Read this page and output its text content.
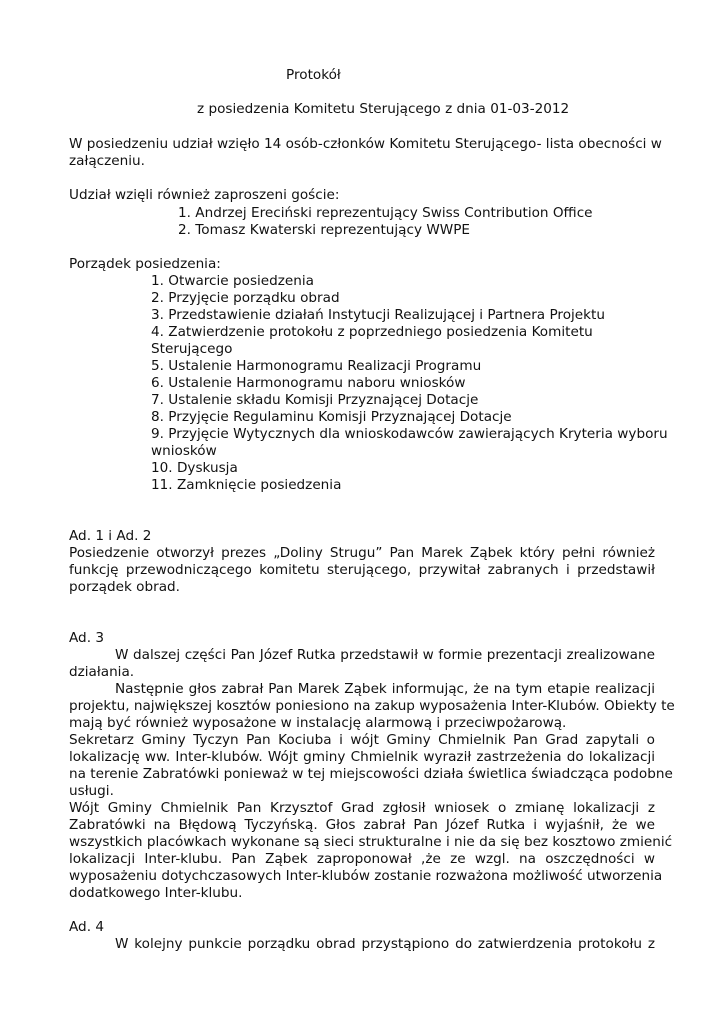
Protokół
z posiedzenia Komitetu Sterującego z dnia 01-03-2012
W posiedzeniu udział wzięło 14 osób-członków Komitetu Sterującego- lista obecności w
załączeniu.
Udział wzięli również zaproszeni goście:
1. Andrzej Ereciński reprezentujący Swiss Contribution Office
2. Tomasz Kwaterski reprezentujący WWPE
Porządek posiedzenia:
1. Otwarcie posiedzenia
2. Przyjęcie porządku obrad
3. Przedstawienie działań Instytucji Realizującej i Partnera Projektu
4. Zatwierdzenie protokołu z poprzedniego posiedzenia Komitetu
Sterującego
5. Ustalenie Harmonogramu Realizacji Programu
6. Ustalenie Harmonogramu naboru wniosków
7. Ustalenie składu Komisji Przyznającej Dotacje
8. Przyjęcie Regulaminu Komisji Przyznającej Dotacje
9. Przyjęcie Wytycznych dla wnioskodawców zawierających Kryteria wyboru
wniosków
10. Dyskusja
11. Zamknięcie posiedzenia
Ad. 1 i Ad. 2
Posiedzenie otworzył prezes „Doliny Strugu” Pan Marek Ząbek który pełni również
funkcję przewodniczącego komitetu sterującego, przywitał zabranych i przedstawił
porządek obrad.
Ad. 3
W dalszej części Pan Józef Rutka przedstawił w formie prezentacji zrealizowane
działania.
Następnie głos zabrał Pan Marek Ząbek informując, że na tym etapie realizacji
projektu, największej kosztów poniesiono na zakup wyposażenia Inter-Klubów. Obiekty te
mają być również wyposażone w instalację alarmową i przeciwpożarową.
Sekretarz Gminy Tyczyn Pan Kociuba i wójt Gminy Chmielnik Pan Grad zapytali o
lokalizację ww. Inter-klubów. Wójt gminy Chmielnik wyraził zastrzeżenia do lokalizacji
na terenie Zabratówki ponieważ w tej miejscowości działa świetlica świadcząca podobne
usługi.
Wójt Gminy Chmielnik Pan Krzysztof Grad zgłosił wniosek o zmianę lokalizacji z
Zabratówki na Błędową Tyczyńską. Głos zabrał Pan Józef Rutka i wyjaśnił, że we
wszystkich placówkach wykonane są sieci strukturalne i nie da się bez kosztowo zmienić
lokalizacji Inter-klubu. Pan Ząbek zaproponował ,że ze wzgl. na oszczędności w
wyposażeniu dotychczasowych Inter-klubów zostanie rozważona możliwość utworzenia
dodatkowego Inter-klubu.
Ad. 4
W kolejny punkcie porządku obrad przystąpiono do zatwierdzenia protokołu z
